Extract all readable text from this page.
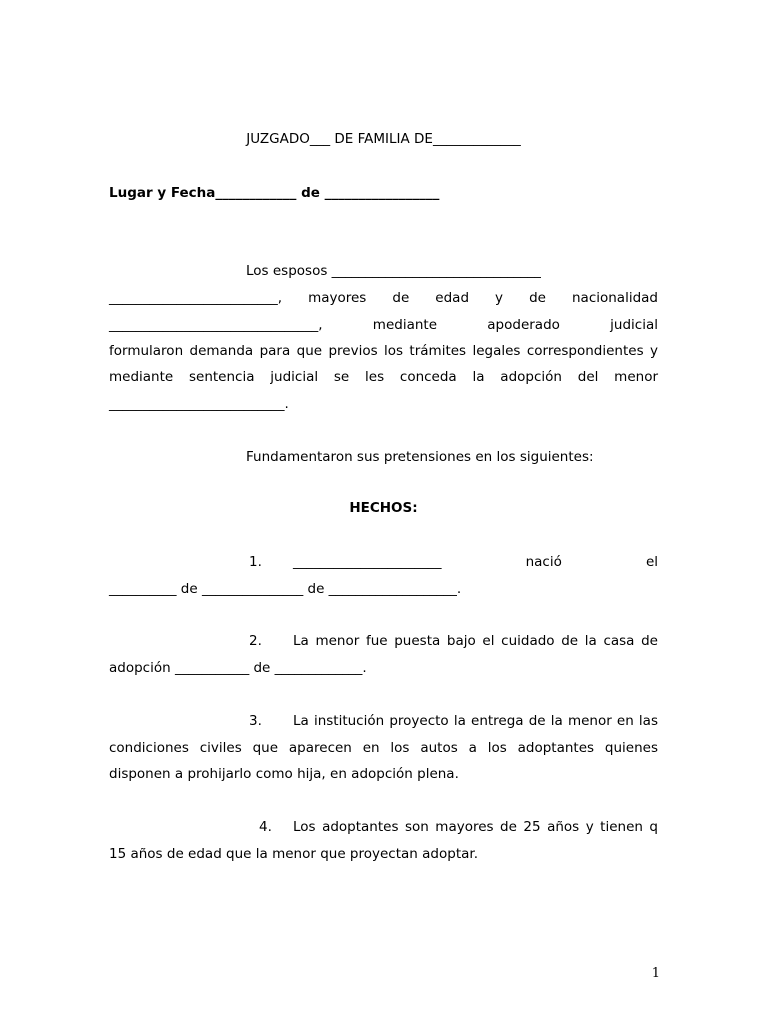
JUZGADO___ DE FAMILIA DE_____________

Lugar y Fecha____________ de _________________

Los esposos _______________________________

_________________________, mayores de edad y de nacionalidad

_______________________________, mediante apoderado judicial

formularon demanda para que previos los trámites legales correspondientes y

mediante sentencia judicial se les conceda la adopción del menor

__________________________.

Fundamentaron sus pretensiones en los siguientes:

HECHOS:

1. ______________________ nació el

__________ de _______________ de ___________________.

2. La menor fue puesta bajo el cuidado de la casa de

adopción ___________ de _____________.

3. La institución proyecto la entrega de la menor en las

condiciones civiles que aparecen en los autos a los adoptantes quienes

disponen a prohijarlo como hija, en adopción plena.

4. Los adoptantes son mayores de 25 años y tienen q

15 años de edad que la menor que proyectan adoptar.

1
